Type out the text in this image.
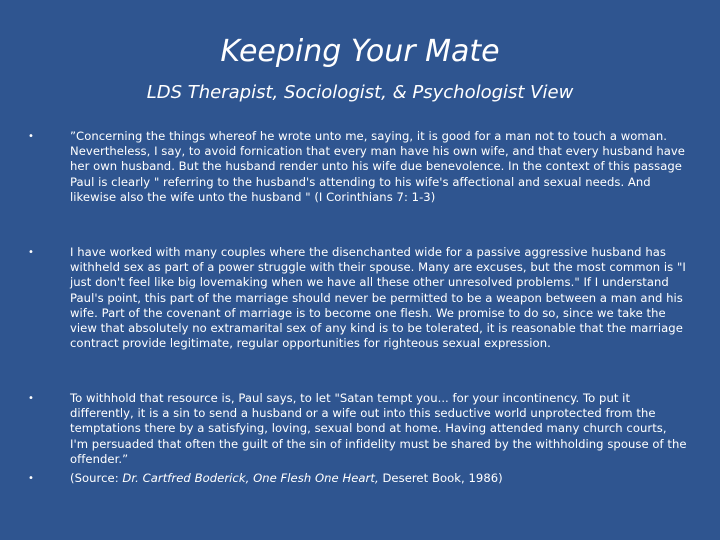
Keeping Your Mate
LDS Therapist, Sociologist, & Psychologist View
•	”Concerning the things whereof he wrote unto me, saying, it is good for a man not to touch a woman. Nevertheless, I say, to avoid fornication that every man have his own wife, and that every husband have her own husband. But the husband render unto his wife due benevolence. In the context of this passage Paul is clearly " referring to the husband's attending to his wife's affectional and sexual needs. And likewise also the wife unto the husband " (I Corinthians 7: 1-3)
•	I have worked with many couples where the disenchanted wide for a passive aggressive husband has withheld sex as part of a power struggle with their spouse. Many are excuses, but the most common is "I just don't feel like big lovemaking when we have all these other unresolved problems." If I understand Paul's point, this part of the marriage should never be permitted to be a weapon between a man and his wife. Part of the covenant of marriage is to become one flesh. We promise to do so, since we take the view that absolutely no extramarital sex of any kind is to be tolerated, it is reasonable that the marriage contract provide legitimate, regular opportunities for righteous sexual expression.
•	To withhold that resource is, Paul says, to let "Satan tempt you... for your incontinency. To put it differently, it is a sin to send a husband or a wife out into this seductive world unprotected from the temptations there by a satisfying, loving, sexual bond at home. Having attended many church courts, I'm persuaded that often the guilt of the sin of infidelity must be shared by the withholding spouse of the offender.”
•	(Source: Dr. Cartfred Boderick, One Flesh One Heart, Deseret Book, 1986)
